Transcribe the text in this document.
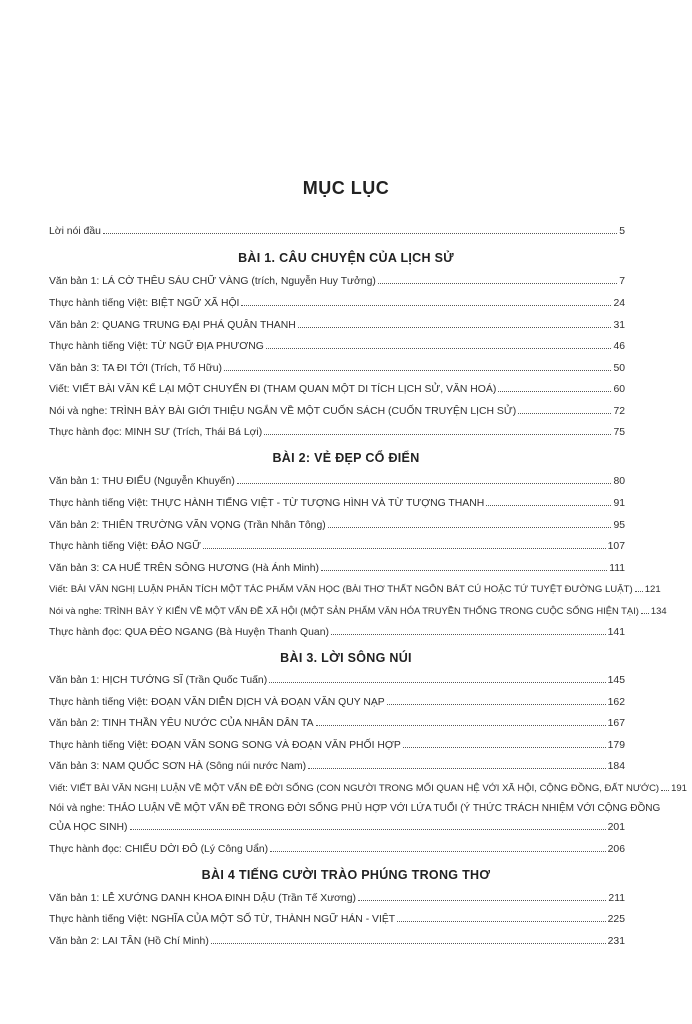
MỤC LỤC
Lời nói đầu	5
BÀI 1. CÂU CHUYỆN CỦA LỊCH SỬ
Văn bản 1: LÁ CỜ THÊU SÁU CHỮ VÀNG (trích, Nguyễn Huy Tưởng)	7
Thực hành tiếng Việt: BIỆT NGỮ XÃ HỘI	24
Văn bản 2: QUANG TRUNG ĐẠI PHÁ QUÂN THANH	31
Thực hành tiếng Việt: TỪ NGỮ ĐỊA PHƯƠNG	46
Văn bản 3: TA ĐI TỚI (Trích, Tố Hữu)	50
Viết: VIẾT BÀI VĂN KỂ LẠI MỘT CHUYẾN ĐI (THAM QUAN MỘT DI TÍCH LỊCH SỬ, VĂN HOÁ)	60
Nói và nghe: TRÌNH BÀY BÀI GIỚI THIỆU NGẮN VỀ MỘT CUỐN SÁCH (CUỐN TRUYỆN LỊCH SỬ)	72
Thực hành đọc: MINH SƯ (Trích, Thái Bá Lợi)	75
BÀI 2: VẺ ĐẸP CỔ ĐIỂN
Văn bản 1: THU ĐIẾU (Nguyễn Khuyến)	80
Thực hành tiếng Việt: THỰC HÀNH TIẾNG VIỆT - TỪ TƯỢNG HÌNH VÀ TỪ TƯỢNG THANH	91
Văn bản 2: THIÊN TRƯỜNG VÃN VỌNG (Trần Nhân Tông)	95
Thực hành tiếng Việt: ĐẢO NGỮ	107
Văn bản 3: CA HUẾ TRÊN SÔNG HƯƠNG (Hà Ánh Minh)	111
Viết: BÀI VĂN NGHỊ LUẬN PHÂN TÍCH MỘT TÁC PHẨM VĂN HỌC (BÀI THƠ THẤT NGÔN BÁT CÚ HOẶC TỨ TUYỆT ĐƯỜNG LUẬT) 121
Nói và nghe: TRÌNH BÀY Ý KIẾN VỀ MỘT VẤN ĐỀ XÃ HỘI (MỘT SẢN PHẨM VĂN HÓA TRUYỀN THỐNG TRONG CUỘC SỐNG HIỆN TẠI) 134
Thực hành đọc: QUA ĐÈO NGANG (Bà Huyện Thanh Quan)	141
BÀI 3. LỜI SÔNG NÚI
Văn bản 1: HỊCH TƯỚNG SĨ (Trần Quốc Tuấn)	145
Thực hành tiếng Việt: ĐOẠN VĂN DIỄN DỊCH VÀ ĐOẠN VĂN QUY NẠP	162
Văn bản 2: TINH THẦN YÊU NƯỚC CỦA NHÂN DÂN TA	167
Thực hành tiếng Việt: ĐOẠN VĂN SONG SONG VÀ ĐOẠN VĂN PHỐI HỢP	179
Văn bản 3: NAM QUỐC SƠN HÀ (Sông núi nước Nam)	184
Viết: VIẾT BÀI VĂN NGHỊ LUẬN VỀ MỘT VẤN ĐỀ ĐỜI SỐNG (CON NGƯỜI TRONG MỐI QUAN HỆ VỚI XÃ HỘI, CỘNG ĐỒNG, ĐẤT NƯỚC) 191
Nói và nghe: THẢO LUẬN VỀ MỘT VẤN ĐỀ TRONG ĐỜI SỐNG PHÙ HỢP VỚI LỨA TUỔI (Ý THỨC TRÁCH NHIỆM VỚI CỘNG ĐỒNG
CỦA HỌC SINH)	201
Thực hành đọc: CHIẾU DỜI ĐÔ (Lý Công Uẩn)	206
BÀI 4 TIẾNG CƯỜI TRÀO PHÚNG TRONG THƠ
Văn bản 1: LỄ XƯỚNG DANH KHOA ĐINH DẬU (Trần Tế Xương)	211
Thực hành tiếng Việt: NGHĨA CỦA MỘT SỐ TỪ, THÀNH NGỮ HÁN - VIỆT	225
Văn bản 2: LAI TÂN (Hồ Chí Minh)	231
